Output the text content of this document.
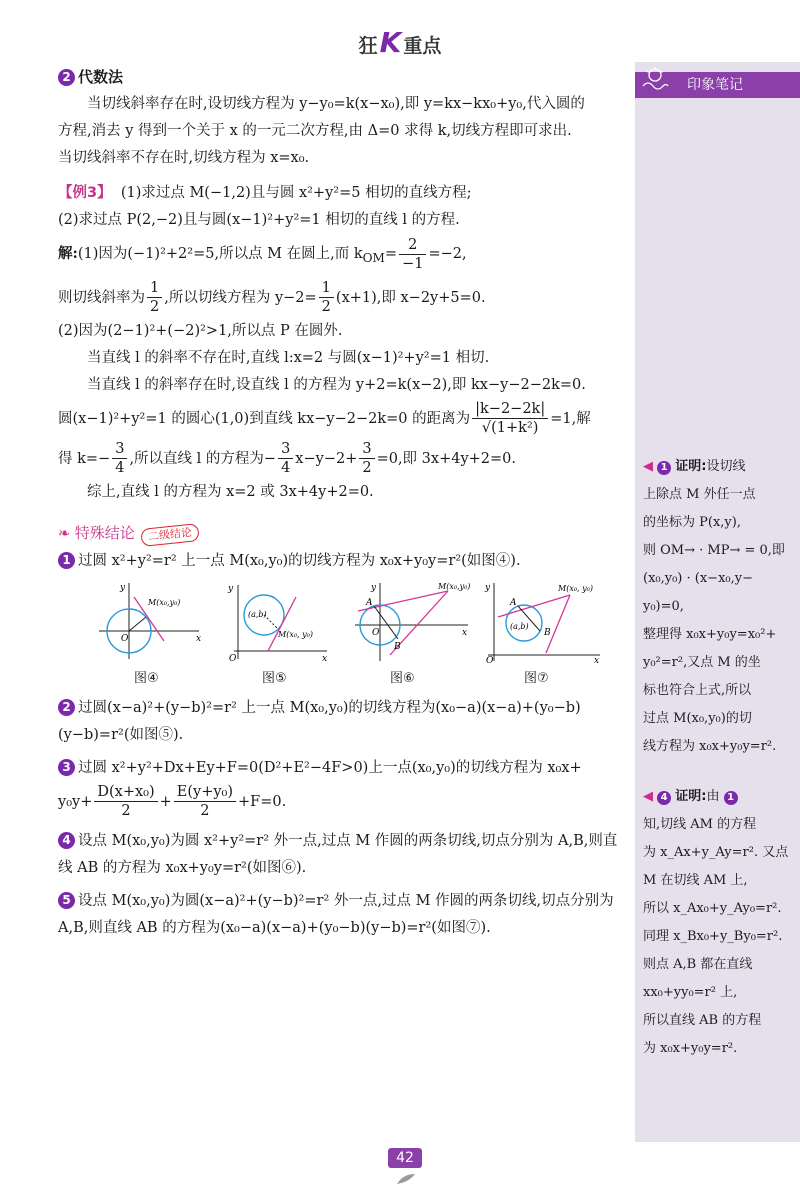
狂K 重点
印象笔记

2 代数法

当切线斜率存在时,设切线方程为 y−y₀=k(x−x₀),即 y=kx−kx₀+y₀,代入圆的

方程,消去 y 得到一个关于 x 的一元二次方程,由 Δ=0 求得 k,切线方程即可求出.

当切线斜率不存在时,切线方程为 x=x₀.

【例3】 (1)求过点 M(−1,2)且与圆 x²+y²=5 相切的直线方程;

(2)求过点 P(2,−2)且与圆(x−1)²+y²=1 相切的直线 l 的方程.

解:(1)因为(−1)²+2²=5,所以点 M 在圆上,而 $k_{OM}= \frac{2}{-1} =-2$,

则切线斜率为 $\frac{1}{2}$ ,所以切线方程为 $y-2= \frac{1}{2} (x+1)$,即 x−2y+5=0.

(2)因为(2−1)²+(−2)²>1,所以点 P 在圆外.

当直线 l 的斜率不存在时,直线 l:x=2 与圆(x−1)²+y²=1 相切.

当直线 l 的斜率存在时,设直线 l 的方程为 y+2=k(x−2),即 kx−y−2−2k=0.

圆(x−1)²+y²=1 的圆心(1,0)到直线 kx−y−2−2k=0 的距离为 $\frac{|k-2-2k|}{\text{√(1+k²)}} =1$,解

得 $k=- \frac{3}{4}$ ,所以直线 l 的方程为− $\frac{3}{4} x-y-2+ \frac{3}{2} =0$,即 3x+4y+2=0.

综上,直线 l 的方程为 x=2 或 3x+4y+2=0.

❧ 特殊结论 二级结论

1 过圆 x²+y²=r² 上一点 M(x₀,y₀)的切线方程为 x₀x+y₀y=r²(如图④).

M(x₀,y₀)
O	x
y
图④
(a,b)
M(x₀, y₀)
O	x
y
图⑤
M(x₀,y₀)
A
B
O	x
y
图⑥
M(x₀, y₀)
A
B
(a,b)
O	x
y
图⑦

2 过圆(x−a)²+(y−b)²=r² 上一点 M(x₀,y₀)的切线方程为(x₀−a)(x−a)+(y₀−b)(y−b)=r²(如图⑤).

3 过圆 x²+y²+Dx+Ey+F=0(D²+E²−4F>0)上一点(x₀,y₀)的切线方程为 x₀x+

$y_0y+ \frac{\text{D(x+x₀)}}{2} + \frac{\text{E(y+y₀)}}{2} +F=0$.

4 设点 M(x₀,y₀)为圆 x²+y²=r² 外一点,过点 M 作圆的两条切线,切点分别为 A,B,则直线 AB 的方程为 x₀x+y₀y=r²(如图⑥).

5 设点 M(x₀,y₀)为圆(x−a)²+(y−b)²=r² 外一点,过点 M 作圆的两条切线,切点分别为 A,B,则直线 AB 的方程为(x₀−a)(x−a)+(y₀−b)(y−b)=r²(如图⑦).

◀ 1 证明:设切线
上除点 M 外任一点
的坐标为 P(x,y),
则 OM→ · MP→ = 0,即
(x₀,y₀) · (x−x₀,y−
y₀)=0,
整理得 x₀x+y₀y=x₀²+
y₀²=r²,又点 M 的坐
标也符合上式,所以
过点 M(x₀,y₀)的切
线方程为 x₀x+y₀y=r².
◀ 4 证明:由 1
知,切线 AM 的方程
为 x_Ax+y_Ay=r². 又点
M 在切线 AM 上,
所以 x_Ax₀+y_Ay₀=r².
同理 x_Bx₀+y_By₀=r².
则点 A,B 都在直线
xx₀+yy₀=r² 上,
所以直线 AB 的方程
为 x₀x+y₀y=r².
42
